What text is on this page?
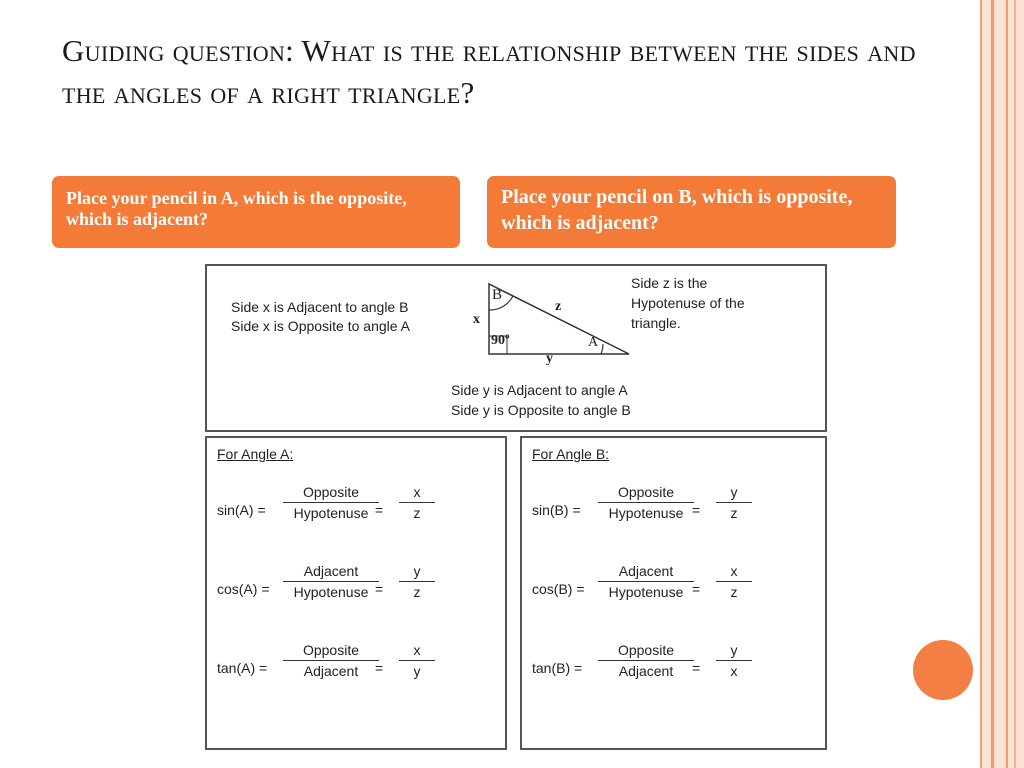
Guiding question: What is the relationship between the sides and the angles of a right triangle?
Place your pencil in A, which is the opposite, which is adjacent?
Place your pencil on B, which is opposite, which is adjacent?
Side x is Adjacent to angle B
Side x is Opposite to angle A
B
x
z
90º	A
y
Side z is the
Hypotenuse of the
triangle.
Side y is Adjacent to angle A
Side y is Opposite to angle B
For Angle A:
sin(A) =
Opposite
Hypotenuse =
x
z
cos(A) =
Adjacent
Hypotenuse =
y
z
tan(A) =
Opposite
Adjacent	=
x
y
For Angle B:
sin(B) =
Opposite
Hypotenuse =
y
z
cos(B) =
Adjacent
Hypotenuse =
x
z
tan(B) =
Opposite
Adjacent	=
y
x
